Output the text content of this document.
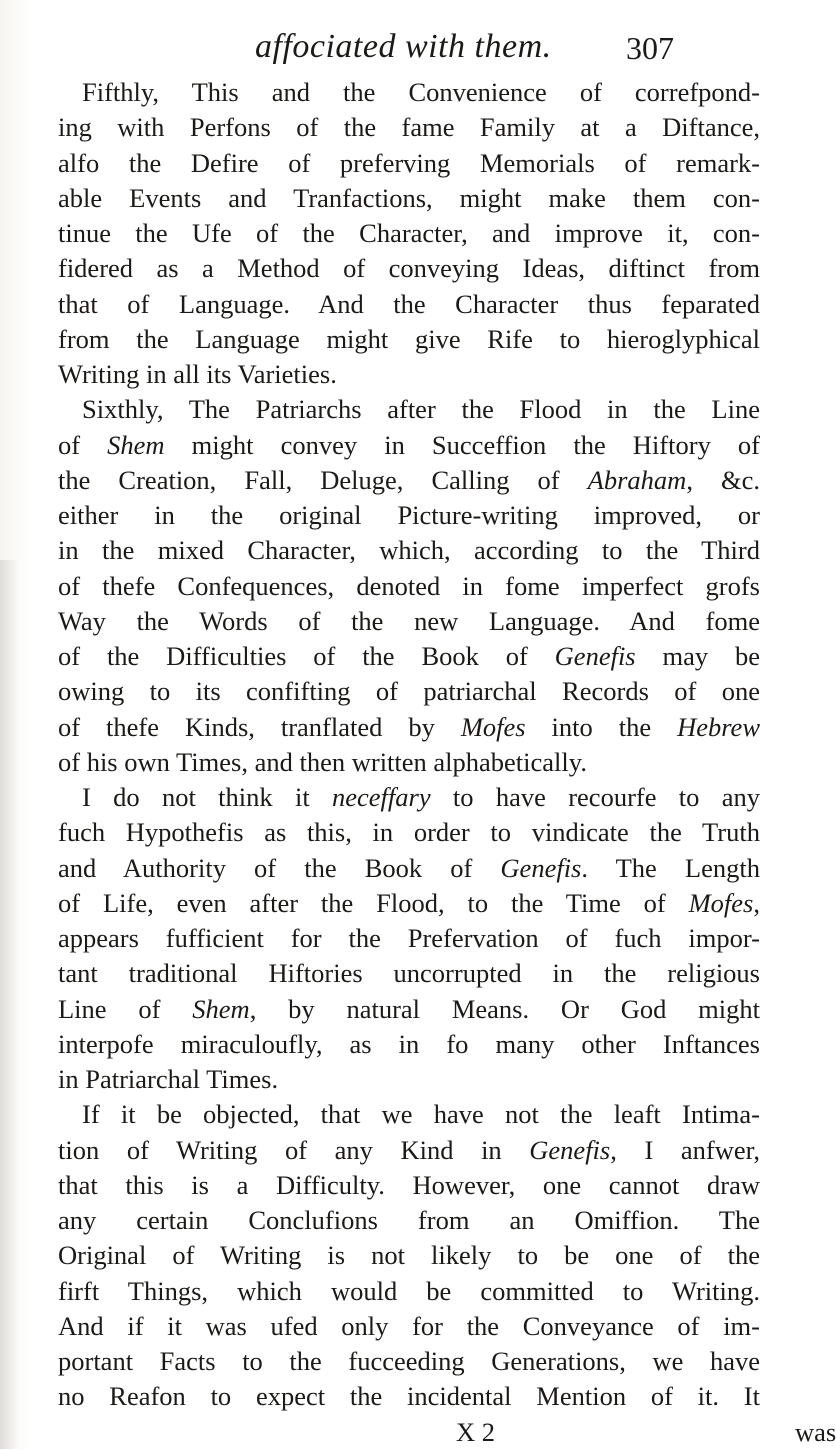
affociated with them. 307
Fifthly, This and the Convenience of correfpond-
ing with Perfons of the fame Family at a Diftance,
alfo the Defire of preferving Memorials of remark-
able Events and Tranfactions, might make them con-
tinue the Ufe of the Character, and improve it, con-
fidered as a Method of conveying Ideas, diftinct from
that of Language. And the Character thus feparated
from the Language might give Rife to hieroglyphical
Writing in all its Varieties.
Sixthly, The Patriarchs after the Flood in the Line
of Shem might convey in Succeffion the Hiftory of
the Creation, Fall, Deluge, Calling of Abraham, &c.
either in the original Picture-writing improved, or
in the mixed Character, which, according to the Third
of thefe Confequences, denoted in fome imperfect grofs
Way the Words of the new Language. And fome
of the Difficulties of the Book of Genefis may be
owing to its confifting of patriarchal Records of one
of thefe Kinds, tranflated by Mofes into the Hebrew
of his own Times, and then written alphabetically.
I do not think it neceffary to have recourfe to any
fuch Hypothefis as this, in order to vindicate the Truth
and Authority of the Book of Genefis. The Length
of Life, even after the Flood, to the Time of Mofes,
appears fufficient for the Prefervation of fuch impor-
tant traditional Hiftories uncorrupted in the religious
Line of Shem, by natural Means. Or God might
interpofe miraculoufly, as in fo many other Inftances
in Patriarchal Times.
If it be objected, that we have not the leaft Intima-
tion of Writing of any Kind in Genefis, I anfwer,
that this is a Difficulty. However, one cannot draw
any certain Conclufions from an Omiffion. The
Original of Writing is not likely to be one of the
firft Things, which would be committed to Writing.
And if it was ufed only for the Conveyance of im-
portant Facts to the fucceeding Generations, we have
no Reafon to expect the incidental Mention of it. It
X 2	was
